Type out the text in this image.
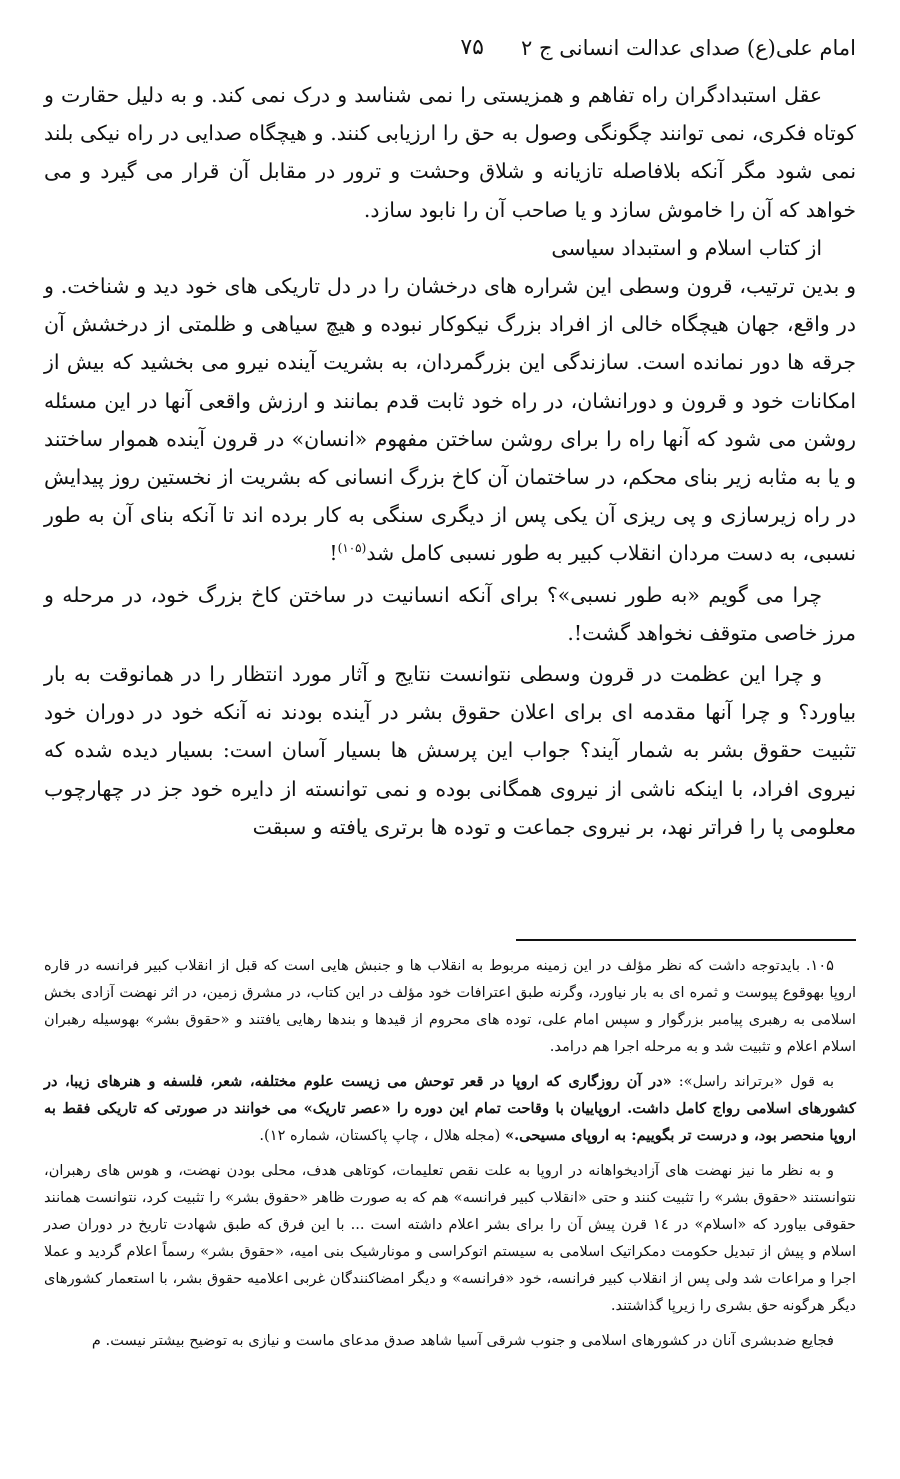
امام علی(ع) صدای عدالت انسانی ج ۲
۷۵

عقل استبدادگران راه تفاهم و همزیستی را نمی شناسد و درک نمی کند. و به دلیل حقارت و کوتاه فکری، نمی توانند چگونگی وصول به حق را ارزیابی کنند. و هیچگاه صدایی در راه نیکی بلند نمی شود مگر آنکه بلافاصله تازیانه و شلاق وحشت و ترور در مقابل آن قرار می گیرد و می خواهد که آن را خاموش سازد و یا صاحب آن را نابود سازد.

از کتاب اسلام و استبداد سیاسی

و بدین ترتیب، قرون وسطی این شراره های درخشان را در دل تاریکی های خود دید و شناخت. و در واقع، جهان هیچگاه خالی از افراد بزرگ نیکوکار نبوده و هیچ سیاهی و ظلمتی از درخشش آن جرقه ها دور نمانده است. سازندگی این بزرگمردان، به بشریت آینده نیرو می بخشید که بیش از امکانات خود و قرون و دورانشان، در راه خود ثابت قدم بمانند و ارزش واقعی آنها در این مسئله روشن می شود که آنها راه را برای روشن ساختن مفهوم «انسان» در قرون آینده هموار ساختند و یا به مثابه زیر بنای محکم، در ساختمان آن کاخ بزرگ انسانی که بشریت از نخستین روز پیدایش در راه زیرسازی و پی ریزی آن یکی پس از دیگری سنگی به کار برده اند تا آنکه بنای آن به طور نسبی، به دست مردان انقلاب کبیر به طور نسبی کامل شد$^{(۱۰۵)}$!

چرا می گویم «به طور نسبی»؟ برای آنکه انسانیت در ساختن کاخ بزرگ خود، در مرحله و مرز خاصی متوقف نخواهد گشت!.

و چرا این عظمت در قرون وسطی نتوانست نتایج و آثار مورد انتظار را در همانوقت به بار بیاورد؟ و چرا آنها مقدمه ای برای اعلان حقوق بشر در آینده بودند نه آنکه خود در دوران خود تثبیت حقوق بشر به شمار آیند؟ جواب این پرسش ها بسیار آسان است: بسیار دیده شده که نیروی افراد، با اینکه ناشی از نیروی همگانی بوده و نمی توانسته از دایره خود جز در چهارچوب معلومی پا را فراتر نهد، بر نیروی جماعت و توده ها برتری یافته و سبقت

۱۰۵. بایدتوجه داشت که نظر مؤلف در این زمینه مربوط به انقلاب ها و جنبش هایی است که قبل از انقلاب کبیر فرانسه در قاره اروپا بهوقوع پیوست و ثمره ای به بار نیاورد، وگرنه طبق اعترافات خود مؤلف در این کتاب، در مشرق زمین، در اثر نهضت آزادی بخش اسلامی به رهبری پیامبر بزرگوار و سپس امام علی، توده های محروم از قیدها و بندها رهایی یافتند و «حقوق بشر» بهوسیله رهبران اسلام اعلام و تثبیت شد و به مرحله اجرا هم درامد.

به قول «برتراند راسل»: «در آن روزگاری که اروپا در قعر توحش می زیست علوم مختلفه، شعر، فلسفه و هنرهای زیبا، در کشورهای اسلامی رواج کامل داشت. اروپاییان با وقاحت تمام این دوره را «عصر تاریک» می خوانند در صورتی که تاریکی فقط به اروپا منحصر بود، و درست تر بگوییم: به اروپای مسیحی.» (مجله هلال ، چاپ پاکستان، شماره ۱۲).

و به نظر ما نیز نهضت های آزادیخواهانه در اروپا به علت نقص تعلیمات، کوتاهی هدف، محلی بودن نهضت، و هوس های رهبران، نتوانستند «حقوق بشر» را تثبیت کنند و حتی «انقلاب کبیر فرانسه» هم که به صورت ظاهر «حقوق بشر» را تثبیت کرد، نتوانست همانند حقوقی بیاورد که «اسلام» در ۱٤ قرن پیش آن را برای بشر اعلام داشته است ... با این فرق که طبق شهادت تاریخ در دوران صدر اسلام و پیش از تبدیل حکومت دمکراتیک اسلامی به سیستم اتوکراسی و مونارشیک بنی امیه، «حقوق بشر» رسماً اعلام گردید و عملا اجرا و مراعات شد ولی پس از انقلاب کبیر فرانسه، خود «فرانسه» و دیگر امضاکنندگان غربی اعلامیه حقوق بشر، با استعمار کشورهای دیگر هرگونه حق بشری را زیرپا گذاشتند.

فجایع ضدبشری آنان در کشورهای اسلامی و جنوب شرقی آسیا شاهد صدق مدعای ماست و نیازی به توضیح بیشتر نیست. م
